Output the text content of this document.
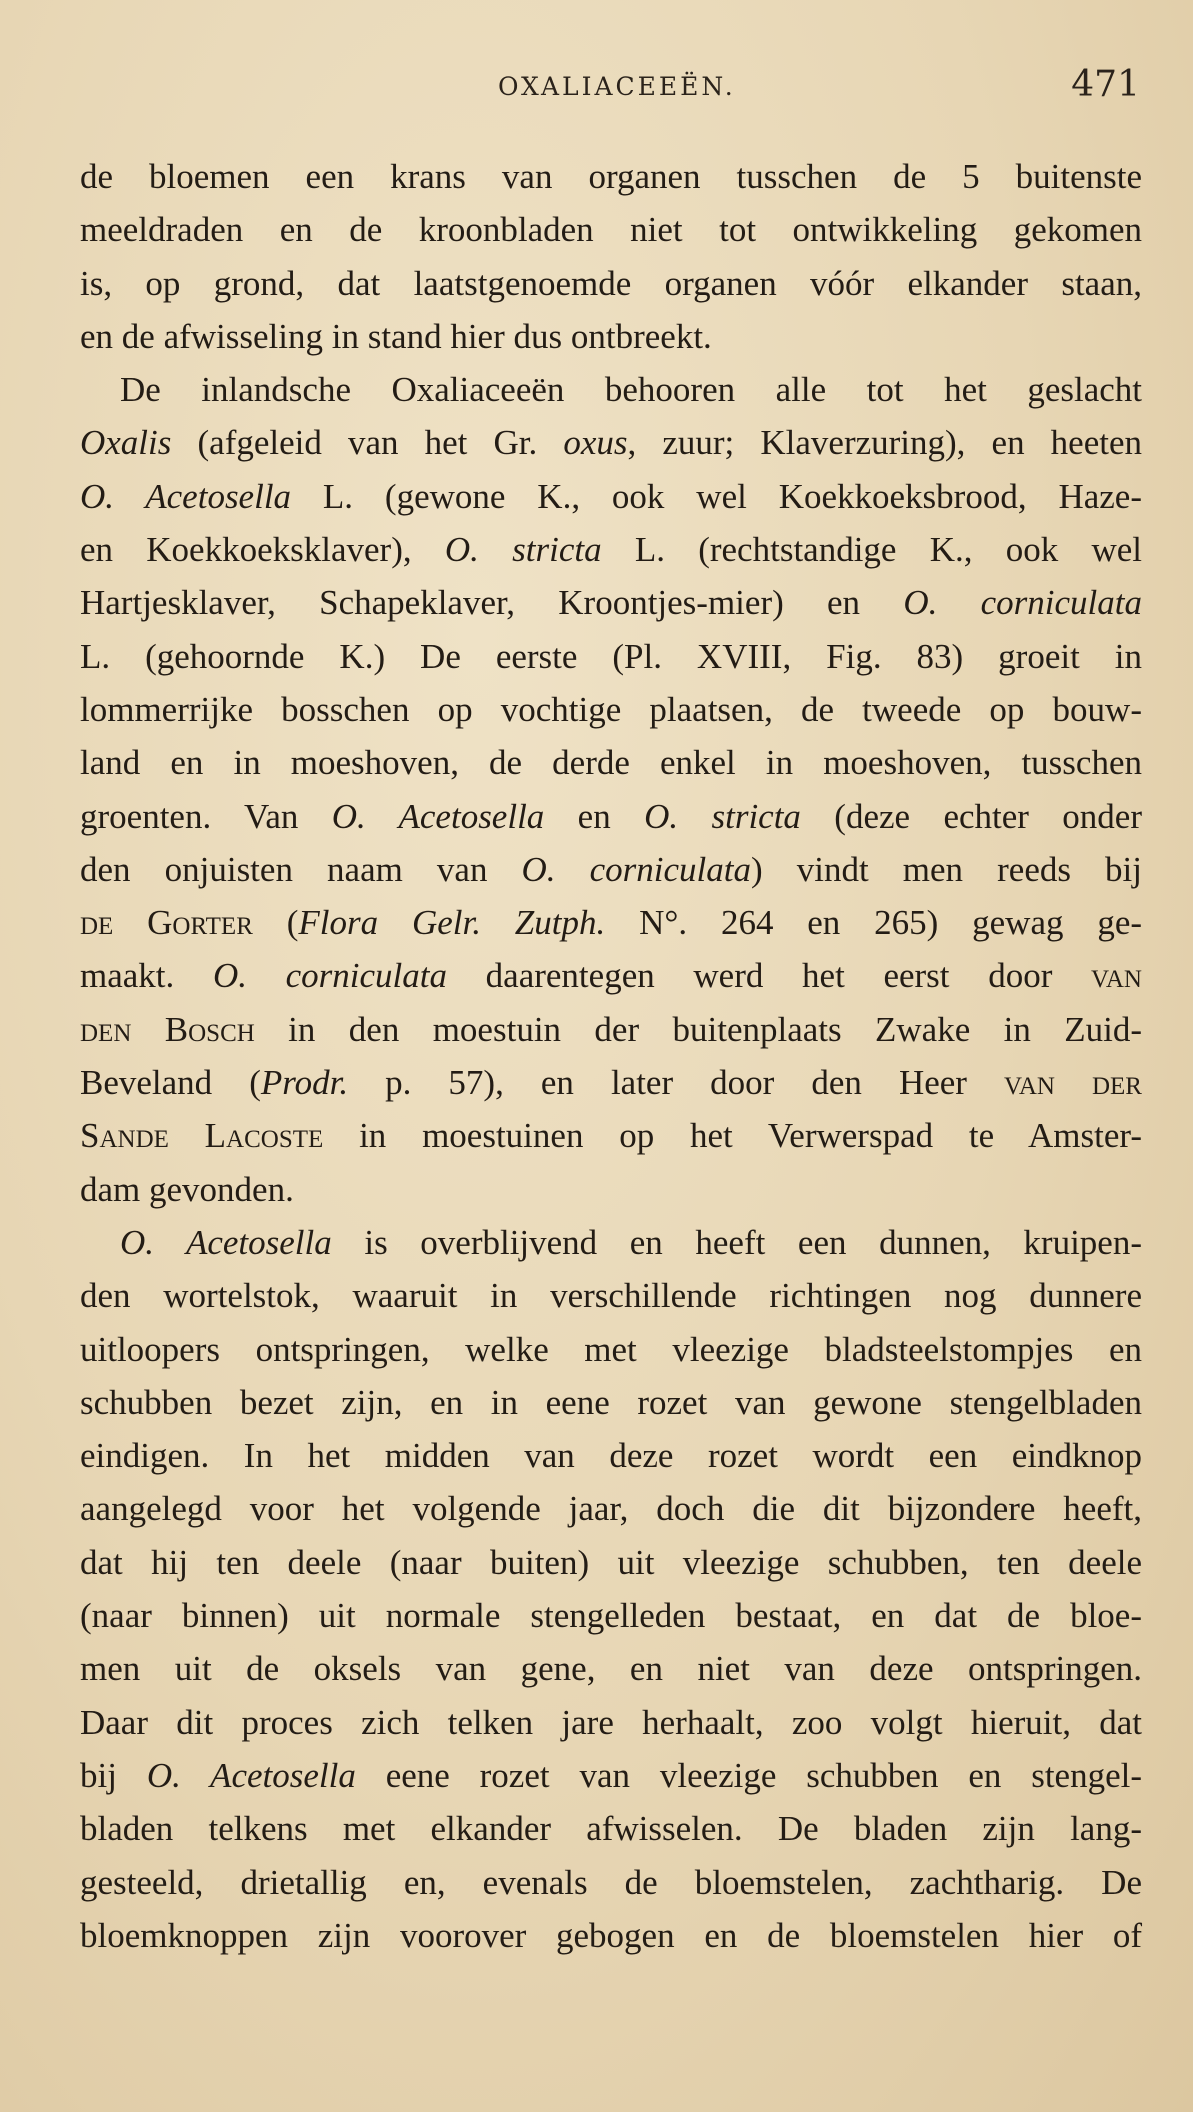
OXALIACEEËN.	471
de bloemen een krans van organen tusschen de 5 buitenste
meeldraden en de kroonbladen niet tot ontwikkeling gekomen
is, op grond, dat laatstgenoemde organen vóór elkander staan,
en de afwisseling in stand hier dus ontbreekt.
De inlandsche Oxaliaceeën behooren alle tot het geslacht
Oxalis (afgeleid van het Gr. oxus, zuur; Klaverzuring), en heeten
O. Acetosella L. (gewone K., ook wel Koekkoeksbrood, Haze-
en Koekkoeksklaver), O. stricta L. (rechtstandige K., ook wel
Hartjesklaver, Schapeklaver, Kroontjes-mier) en O. corniculata
L. (gehoornde K.) De eerste (Pl. XVIII, Fig. 83) groeit in
lommerrijke bosschen op vochtige plaatsen, de tweede op bouw-
land en in moeshoven, de derde enkel in moeshoven, tusschen
groenten. Van O. Acetosella en O. stricta (deze echter onder
den onjuisten naam van O. corniculata) vindt men reeds bij
de Gorter (Flora Gelr. Zutph. N°. 264 en 265) gewag ge-
maakt. O. corniculata daarentegen werd het eerst door van
den Bosch in den moestuin der buitenplaats Zwake in Zuid-
Beveland (Prodr. p. 57), en later door den Heer van der
Sande Lacoste in moestuinen op het Verwerspad te Amster-
dam gevonden.
O. Acetosella is overblijvend en heeft een dunnen, kruipen-
den wortelstok, waaruit in verschillende richtingen nog dunnere
uitloopers ontspringen, welke met vleezige bladsteelstompjes en
schubben bezet zijn, en in eene rozet van gewone stengelbladen
eindigen. In het midden van deze rozet wordt een eindknop
aangelegd voor het volgende jaar, doch die dit bijzondere heeft,
dat hij ten deele (naar buiten) uit vleezige schubben, ten deele
(naar binnen) uit normale stengelleden bestaat, en dat de bloe-
men uit de oksels van gene, en niet van deze ontspringen.
Daar dit proces zich telken jare herhaalt, zoo volgt hieruit, dat
bij O. Acetosella eene rozet van vleezige schubben en stengel-
bladen telkens met elkander afwisselen. De bladen zijn lang-
gesteeld, drietallig en, evenals de bloemstelen, zachtharig. De
bloemknoppen zijn voorover gebogen en de bloemstelen hier of
